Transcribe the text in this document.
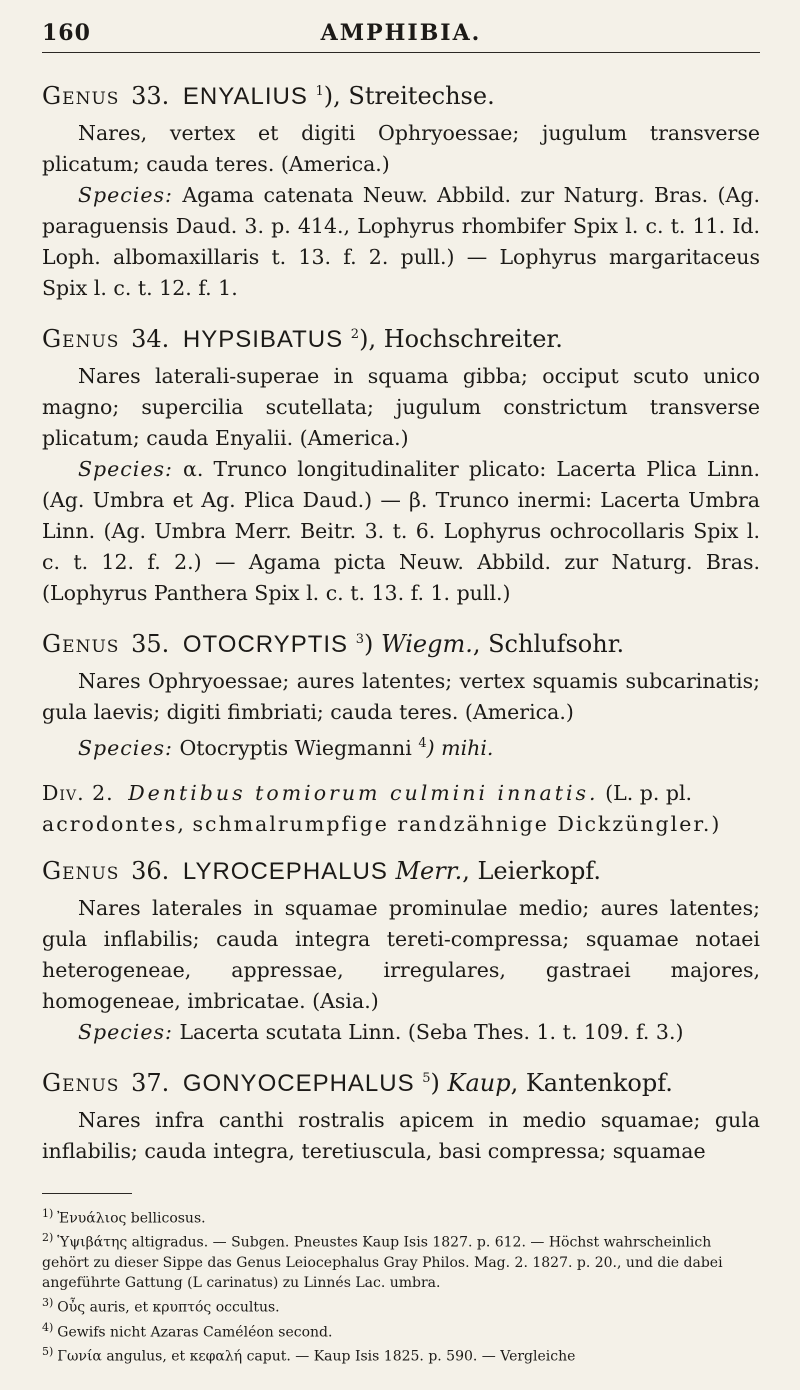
160	AMPHIBIA.
Genus 33. ENYALIUS $^1$), Streitechse.

Nares, vertex et digiti Ophryoessae; jugulum transverse plicatum; cauda teres. (America.)

Species: Agama catenata Neuw. Abbild. zur Naturg. Bras. (Ag. paraguensis Daud. 3. p. 414., Lophyrus rhombifer Spix l. c. t. 11. Id. Loph. albomaxillaris t. 13. f. 2. pull.) — Lophyrus margaritaceus Spix l. c. t. 12. f. 1.

Genus 34. HYPSIBATUS $^2$), Hochschreiter.

Nares laterali-superae in squama gibba; occiput scuto unico magno; supercilia scutellata; jugulum constrictum transverse plicatum; cauda Enyalii. (America.)

Species: α. Trunco longitudinaliter plicato: Lacerta Plica Linn. (Ag. Umbra et Ag. Plica Daud.) — β. Trunco inermi: Lacerta Umbra Linn. (Ag. Umbra Merr. Beitr. 3. t. 6. Lophyrus ochrocollaris Spix l. c. t. 12. f. 2.) — Agama picta Neuw. Abbild. zur Naturg. Bras. (Lophyrus Panthera Spix l. c. t. 13. f. 1. pull.)

Genus 35. OTOCRYPTIS $^3$) Wiegm., Schlufsohr.

Nares Ophryoessae; aures latentes; vertex squamis subcarinatis; gula laevis; digiti fimbriati; cauda teres. (America.)

Species: Otocryptis Wiegmanni $^4$) mihi.

Div. 2. Dentibus tomiorum culmini innatis. (L. p. pl. acrodontes, schmalrumpfige randzähnige Dickzüngler.)
Genus 36. LYROCEPHALUS Merr., Leierkopf.

Nares laterales in squamae prominulae medio; aures latentes; gula inflabilis; cauda integra tereti-compressa; squamae notaei heterogeneae, appressae, irregulares, gastraei majores, homogeneae, imbricatae. (Asia.)

Species: Lacerta scutata Linn. (Seba Thes. 1. t. 109. f. 3.)

Genus 37. GONYOCEPHALUS $^5$) Kaup, Kantenkopf.

Nares infra canthi rostralis apicem in medio squamae; gula inflabilis; cauda integra, teretiuscula, basi compressa; squamae

$^{1)}$ Ἐνυάλιος bellicosus.

$^{2)}$ Ὑψιβάτης altigradus. — Subgen. Pneustes Kaup Isis 1827. p. 612. — Höchst wahrscheinlich gehört zu dieser Sippe das Genus Leiocephalus Gray Philos. Mag. 2. 1827. p. 20., und die dabei angeführte Gattung (L carinatus) zu Linnés Lac. umbra.

$^{3)}$ Οὖς auris, et κρυπτός occultus.

$^{4)}$ Gewifs nicht Azaras Caméléon second.

$^{5)}$ Γωνία angulus, et κεφαλή caput. — Kaup Isis 1825. p. 590. — Vergleiche
